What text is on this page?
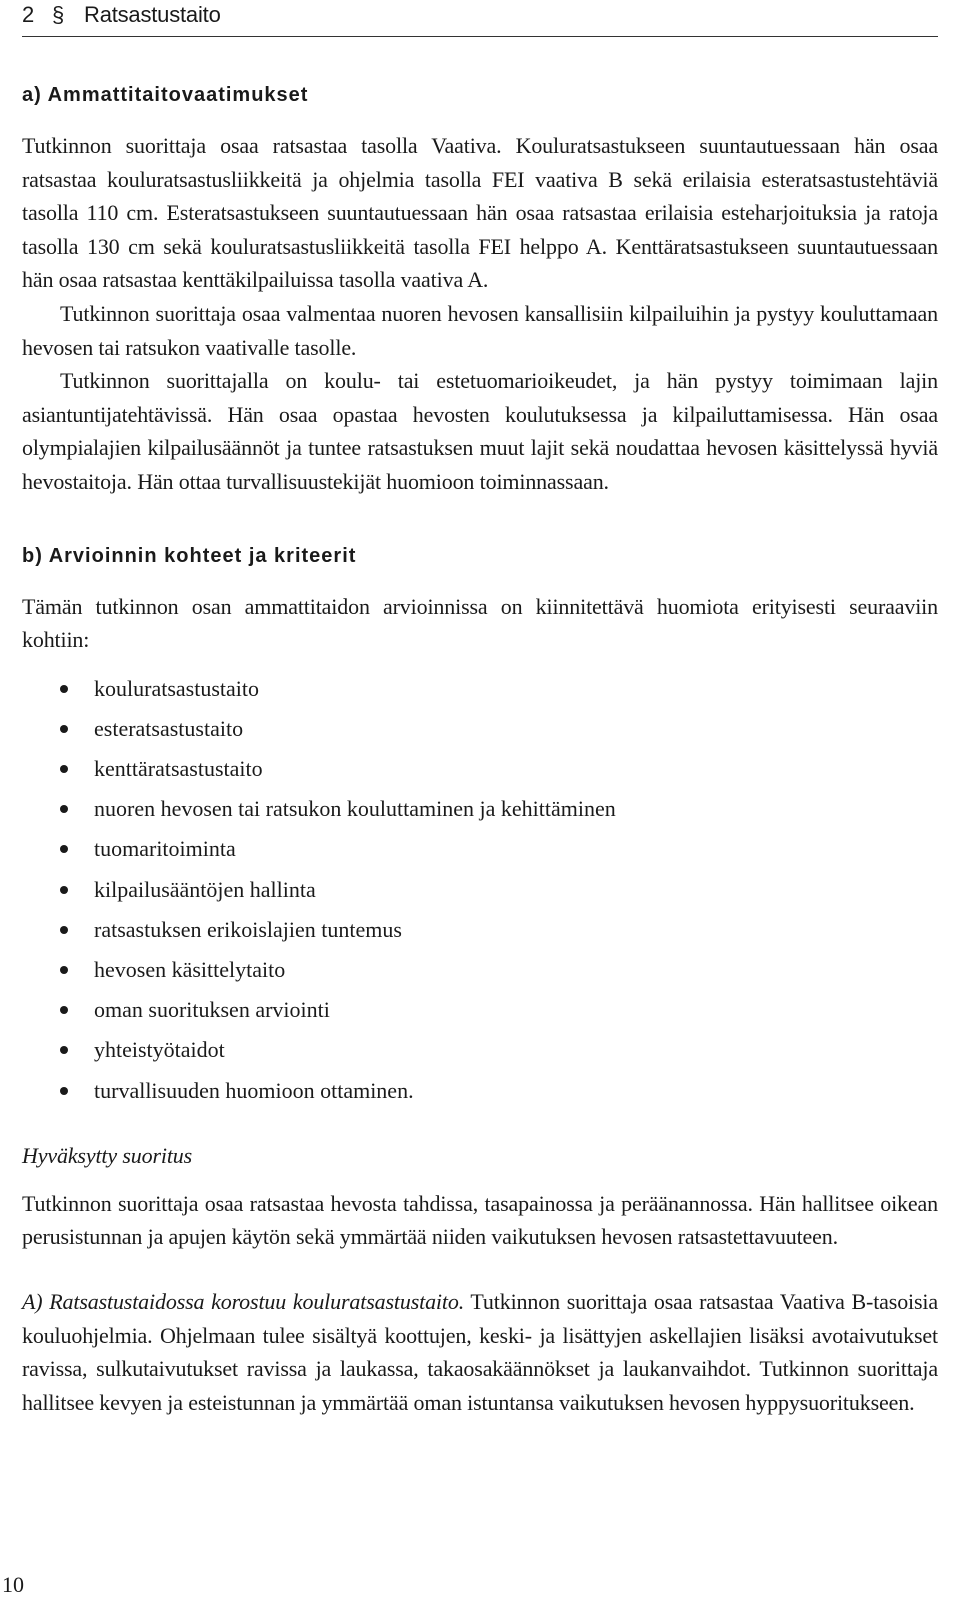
2 § Ratsastustaito
a) Ammattitaitovaatimukset

Tutkinnon suorittaja osaa ratsastaa tasolla Vaativa. Kouluratsastukseen suuntautuessaan hän osaa ratsastaa kouluratsastusliikkeitä ja ohjelmia tasolla FEI vaativa B sekä erilaisia esteratsastustehtäviä tasolla 110 cm. Esteratsastukseen suuntautuessaan hän osaa ratsastaa erilaisia esteharjoituksia ja ratoja tasolla 130 cm sekä kouluratsastusliikkeitä tasolla FEI helppo A. Kenttäratsastukseen suuntautuessaan hän osaa ratsastaa kenttäkilpailuissa tasolla vaativa A.

Tutkinnon suorittaja osaa valmentaa nuoren hevosen kansallisiin kilpailuihin ja pystyy kouluttamaan hevosen tai ratsukon vaativalle tasolle.

Tutkinnon suorittajalla on koulu- tai estetuomarioikeudet, ja hän pystyy toimimaan lajin asiantuntijatehtävissä. Hän osaa opastaa hevosten koulutuksessa ja kilpailuttamisessa. Hän osaa olympialajien kilpailusäännöt ja tuntee ratsastuksen muut lajit sekä noudattaa hevosen käsittelyssä hyviä hevostaitoja. Hän ottaa turvallisuustekijät huomioon toiminnassaan.

b) Arvioinnin kohteet ja kriteerit

Tämän tutkinnon osan ammattitaidon arvioinnissa on kiinnitettävä huomiota erityisesti seuraaviin kohtiin:

kouluratsastustaito
esteratsastustaito
kenttäratsastustaito
nuoren hevosen tai ratsukon kouluttaminen ja kehittäminen
tuomaritoiminta
kilpailusääntöjen hallinta
ratsastuksen erikoislajien tuntemus
hevosen käsittelytaito
oman suorituksen arviointi
yhteistyötaidot
turvallisuuden huomioon ottaminen.

Hyväksytty suoritus

Tutkinnon suorittaja osaa ratsastaa hevosta tahdissa, tasapainossa ja peräänannossa. Hän hallitsee oikean perusistunnan ja apujen käytön sekä ymmärtää niiden vaikutuksen hevosen ratsastettavuuteen.

A) Ratsastustaidossa korostuu kouluratsastustaito. Tutkinnon suorittaja osaa ratsastaa Vaativa B-tasoisia kouluohjelmia. Ohjelmaan tulee sisältyä koottujen, keski- ja lisättyjen askellajien lisäksi avotaivutukset ravissa, sulkutaivutukset ravissa ja laukassa, takaosakäännökset ja laukanvaihdot. Tutkinnon suorittaja hallitsee kevyen ja esteistunnan ja ymmärtää oman istuntansa vaikutuksen hevosen hyppysuoritukseen.

10
